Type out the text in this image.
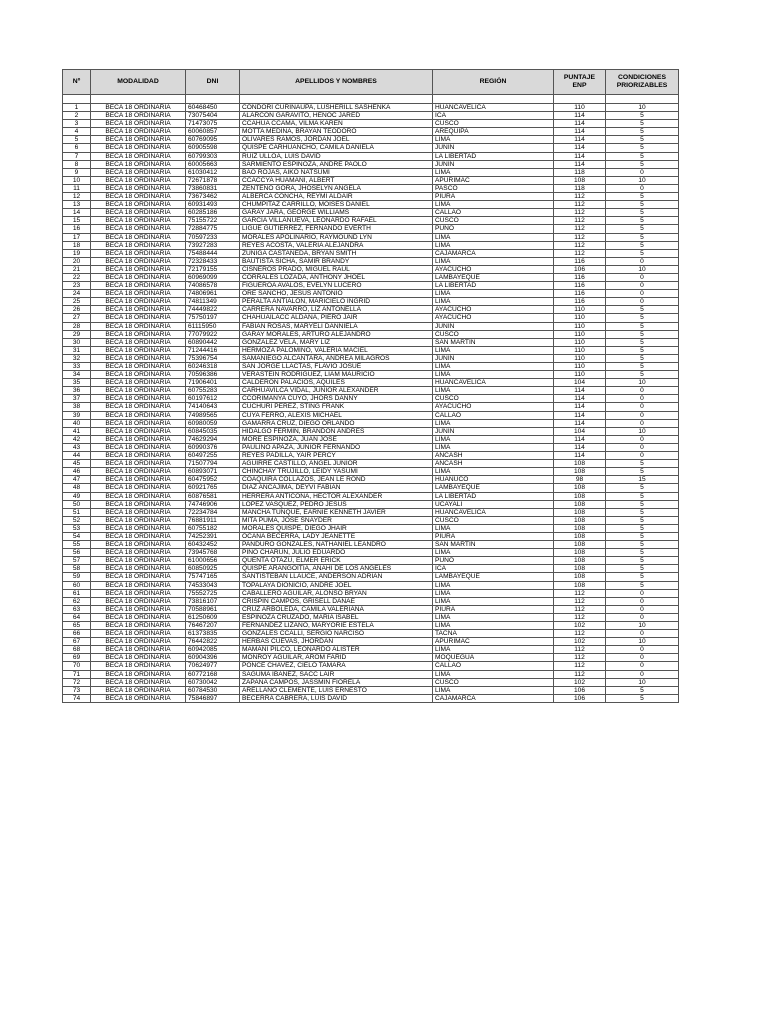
Nº	MODALIDAD	DNI	APELLIDOS Y NOMBRES	REGIÓN	PUNTAJE ENP	CONDICIONES PRIORIZABLES

1	BECA 18 ORDINARIA	60468450	CONDORI CURIÑAUPA, LUSHERILL SASHENKA	HUANCAVELICA	110	10
2	BECA 18 ORDINARIA	73075404	ALARCON GARAVITO, HENOC JARED	ICA	114	5
3	BECA 18 ORDINARIA	71473075	CCAHUA CCAMA, VILMA KAREN	CUSCO	114	5
4	BECA 18 ORDINARIA	60060857	MOTTA MEDINA, BRAYAN TEODORO	AREQUIPA	114	5
5	BECA 18 ORDINARIA	60769095	OLIVARES RAMOS, JORDAN JOEL	LIMA	114	5
6	BECA 18 ORDINARIA	60905598	QUISPE CARHUANCHO, CAMILA DANIELA	JUNIN	114	5
7	BECA 18 ORDINARIA	60799303	RUIZ ULLOA, LUIS DAVID	LA LIBERTAD	114	5
8	BECA 18 ORDINARIA	60005663	SARMIENTO ESPINOZA, ANDRE PAOLO	JUNIN	114	5
9	BECA 18 ORDINARIA	61030412	BAO ROJAS, AIKO NATSUMI	LIMA	118	0
10	BECA 18 ORDINARIA	72671878	CCACCYA HUAMANI, ALBERT	APURIMAC	108	10
11	BECA 18 ORDINARIA	73860831	ZENTENO GORA, JHOSELYN ANGELA	PASCO	118	0
12	BECA 18 ORDINARIA	73673462	ALBERCA CONCHA, REYMI ALDAIR	PIURA	112	5
13	BECA 18 ORDINARIA	60931493	CHUMPITAZ CARRILLO, MOISES DANIEL	LIMA	112	5
14	BECA 18 ORDINARIA	60285186	GARAY JARA, GEORGE WILLIAMS	CALLAO	112	5
15	BECA 18 ORDINARIA	75155722	GARCIA VILLANUEVA, LEONARDO RAFAEL	CUSCO	112	5
16	BECA 18 ORDINARIA	72884775	LIGUE GUTIERREZ, FERNANDO EVERTH	PUNO	112	5
17	BECA 18 ORDINARIA	70597233	MORALES APOLINARIO, RAYMOUND LYN	LIMA	112	5
18	BECA 18 ORDINARIA	73927283	REYES ACOSTA, VALERIA ALEJANDRA	LIMA	112	5
19	BECA 18 ORDINARIA	75488444	ZUÑIGA CASTAÑEDA, BRYAN SMITH	CAJAMARCA	112	5
20	BECA 18 ORDINARIA	72328433	BAUTISTA SICHA, SAMIR BRANDY	LIMA	116	0
21	BECA 18 ORDINARIA	72179155	CISNEROS PRADO, MIGUEL RAUL	AYACUCHO	106	10
22	BECA 18 ORDINARIA	60969099	CORRALES LOZADA, ANTHONY JHOEL	LAMBAYEQUE	116	0
23	BECA 18 ORDINARIA	74086578	FIGUEROA AVALOS, EVELYN LUCERO	LA LIBERTAD	116	0
24	BECA 18 ORDINARIA	74806961	ORE SANCHO, JESUS ANTONIO	LIMA	116	0
25	BECA 18 ORDINARIA	74811349	PERALTA ANTIALON, MARICIELO INGRID	LIMA	116	0
26	BECA 18 ORDINARIA	74449822	CARRERA NAVARRO, LIZ ANTONELLA	AYACUCHO	110	5
27	BECA 18 ORDINARIA	75750197	CHAHUAILACC ALDANA, PIERO JAIR	AYACUCHO	110	5
28	BECA 18 ORDINARIA	61115950	FABIAN ROSAS, MARYELI DANNIELA	JUNIN	110	5
29	BECA 18 ORDINARIA	77079922	GARAY MORALES, ARTURO ALEJANDRO	CUSCO	110	5
30	BECA 18 ORDINARIA	60890442	GONZALEZ VELA, MARY LIZ	SAN MARTIN	110	5
31	BECA 18 ORDINARIA	71244416	HERMOZA PALOMINO, VALERIA MACIEL	LIMA	110	5
32	BECA 18 ORDINARIA	75396754	SAMANIEGO ALCANTARA, ANDREA MILAGROS	JUNIN	110	5
33	BECA 18 ORDINARIA	60246318	SAN JORGE LLACTAS, FLAVIO JOSUÉ	LIMA	110	5
34	BECA 18 ORDINARIA	70596386	VERASTEIN RODRIGUEZ, LIAM MAURICIO	LIMA	110	5
35	BECA 18 ORDINARIA	71906401	CALDERON PALACIOS, AQUILES	HUANCAVELICA	104	10
36	BECA 18 ORDINARIA	60755283	CARHUAVILCA VIDAL, JUNIOR ALEXANDER	LIMA	114	0
37	BECA 18 ORDINARIA	60197612	CCORIMANYA CUYO, JHORS DANNY	CUSCO	114	0
38	BECA 18 ORDINARIA	74140643	CUCHURI PEREZ, STING FRANK	AYACUCHO	114	0
39	BECA 18 ORDINARIA	74989565	CUYA FERRO, ALEXIS MICHAEL	CALLAO	114	0
40	BECA 18 ORDINARIA	60980059	GAMARRA CRUZ, DIEGO ORLANDO	LIMA	114	0
41	BECA 18 ORDINARIA	60845035	HIDALGO FERMIN, BRANDON ANDRES	JUNIN	104	10
42	BECA 18 ORDINARIA	74629294	MORE ESPINOZA, JUAN JOSE	LIMA	114	0
43	BECA 18 ORDINARIA	60990376	PAULINO APAZA, JUNIOR FERNANDO	LIMA	114	0
44	BECA 18 ORDINARIA	60497255	REYES PADILLA, YAIR PERCY	ANCASH	114	0
45	BECA 18 ORDINARIA	71507794	AGUIRRE CASTILLO, ANGEL JUNIOR	ANCASH	108	5
46	BECA 18 ORDINARIA	60893071	CHINCHAY TRUJILLO, LEIDY YASUMI	LIMA	108	5
47	BECA 18 ORDINARIA	60475952	COAQUIRA COLLAZOS, JEAN LE ROND	HUANUCO	98	15
48	BECA 18 ORDINARIA	60921765	DIAZ ANCAJIMA, DEYVI FABIAN	LAMBAYEQUE	108	5
49	BECA 18 ORDINARIA	60876581	HERRERA ANTICONA, HECTOR ALEXANDER	LA LIBERTAD	108	5
50	BECA 18 ORDINARIA	74746906	LOPEZ VASQUEZ, PEDRO JESUS	UCAYALI	108	5
51	BECA 18 ORDINARIA	72234784	MANCHA TUNQUE, EARNIE KENNETH JAVIER	HUANCAVELICA	108	5
52	BECA 18 ORDINARIA	76881911	MITA PUMA, JOSE SNAYDER	CUSCO	108	5
53	BECA 18 ORDINARIA	60755182	MORALES QUISPE, DIEGO JHAIR	LIMA	108	5
54	BECA 18 ORDINARIA	74252391	OCAÑA BECERRA, LADY JEANETTE	PIURA	108	5
55	BECA 18 ORDINARIA	60432452	PANDURO GONZALES, NATHANIEL LEANDRO	SAN MARTIN	108	5
56	BECA 18 ORDINARIA	73945768	PINO CHARUN, JULIO EDUARDO	LIMA	108	5
57	BECA 18 ORDINARIA	61000656	QUENTA OTAZU, ELMER ERICK	PUNO	108	5
58	BECA 18 ORDINARIA	60850925	QUISPE ARANGOITIA, ANAHI DE LOS ANGELES	ICA	108	5
59	BECA 18 ORDINARIA	75747165	SANTISTEBAN LLAUCE, ANDERSON ADRIAN	LAMBAYEQUE	108	5
60	BECA 18 ORDINARIA	74533043	TOPALAYA DIONICIO, ANDRE JOEL	LIMA	108	5
61	BECA 18 ORDINARIA	75552725	CABALLERO AGUILAR, ALONSO BRYAN	LIMA	112	0
62	BECA 18 ORDINARIA	73816107	CRISPIN CAMPOS, GRISELL DANAE	LIMA	112	0
63	BECA 18 ORDINARIA	70588961	CRUZ ARBOLEDA, CAMILA VALERIANA	PIURA	112	0
64	BECA 18 ORDINARIA	61250609	ESPINOZA CRUZADO, MARIA ISABEL	LIMA	112	0
65	BECA 18 ORDINARIA	76467207	FERNANDEZ LIZANO, MARYORIE ESTELA	LIMA	102	10
66	BECA 18 ORDINARIA	61373835	GONZALES CCALLI, SERGIO NARCISO	TACNA	112	0
67	BECA 18 ORDINARIA	76442822	HERBAS CUEVAS, JHORDAN	APURIMAC	102	10
68	BECA 18 ORDINARIA	60942085	MAMANI PILCO, LEONARDO ALISTER	LIMA	112	0
69	BECA 18 ORDINARIA	60904396	MONROY AGUILAR, ARÓM FARID	MOQUEGUA	112	0
70	BECA 18 ORDINARIA	70624977	PONCE CHAVEZ, CIELO TAMARA	CALLAO	112	0
71	BECA 18 ORDINARIA	60772168	SAGUMA IBAÑEZ, SACC LAIR	LIMA	112	0
72	BECA 18 ORDINARIA	60730042	ZAPANA CAMPOS, JASSMIN FIORELA	CUSCO	102	10
73	BECA 18 ORDINARIA	60784530	ARELLANO CLEMENTE, LUIS ERNESTO	LIMA	106	5
74	BECA 18 ORDINARIA	75846897	BECERRA CABRERA, LUIS DAVID	CAJAMARCA	106	5
